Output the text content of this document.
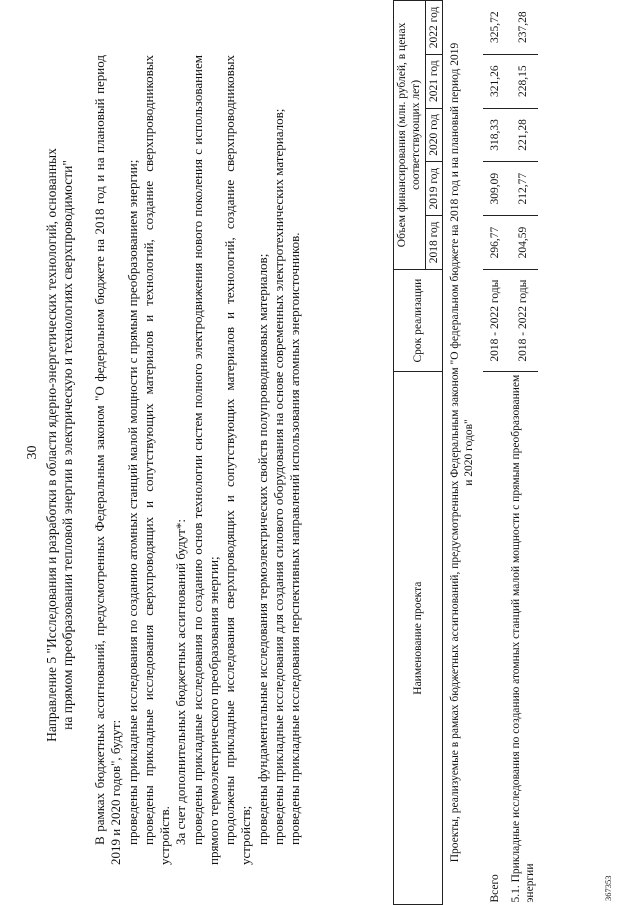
30 Направление 5 "Исследования и разработки в области ядерно-энергетических технологий, основанных на прямом преобразовании тепловой энергии в электрическую и технологиях сверхпроводимости" В рамках бюджетных ассигнований, предусмотренных Федеральным законом "О федеральном бюджете на 2018 год и на плановый период 2019 и 2020 годов", будут: проведены прикладные исследования по созданию атомных станций малой мощности с прямым преобразованием энергии; проведены прикладные исследования сверхпроводящих и сопутствующих материалов и технологий, создание сверхпроводниковых устройств. За счет дополнительных бюджетных ассигнований будут*: проведены прикладные исследования по созданию основ технологии систем полного электродвижения нового поколения с использованием прямого термоэлектрического преобразования энергии; продолжены прикладные исследования сверхпроводящих и сопутствующих материалов и технологий, создание сверхпроводниковых устройств; проведены фундаментальные исследования термоэлектрических свойств полупроводниковых материалов; проведены прикладные исследования для создания силового оборудования на основе современных электротехнических материалов; проведены прикладные исследования перспективных направлений использования атомных энергоисточников.	Наименование проекта	Срок реализации	Объем финансирования (млн. рублей, в ценах соответствующих лет)				
		2018 год	2019 год	2020 год	2021 год	2022 год
Проекты, реализуемые в рамках бюджетных ассигнований, предусмотренных Федеральным законом "О федеральном бюджете на 2018 год и на плановый период 2019 и 2020 годов"						
Всего	2018 - 2022 годы	296,77	309,09	318,33	321,26	325,72
5.1. Прикладные исследования по созданию атомных станций малой мощности с прямым преобразованием энергии	2018 - 2022 годы	204,59	212,77	221,28	228,15	237,28
367353
